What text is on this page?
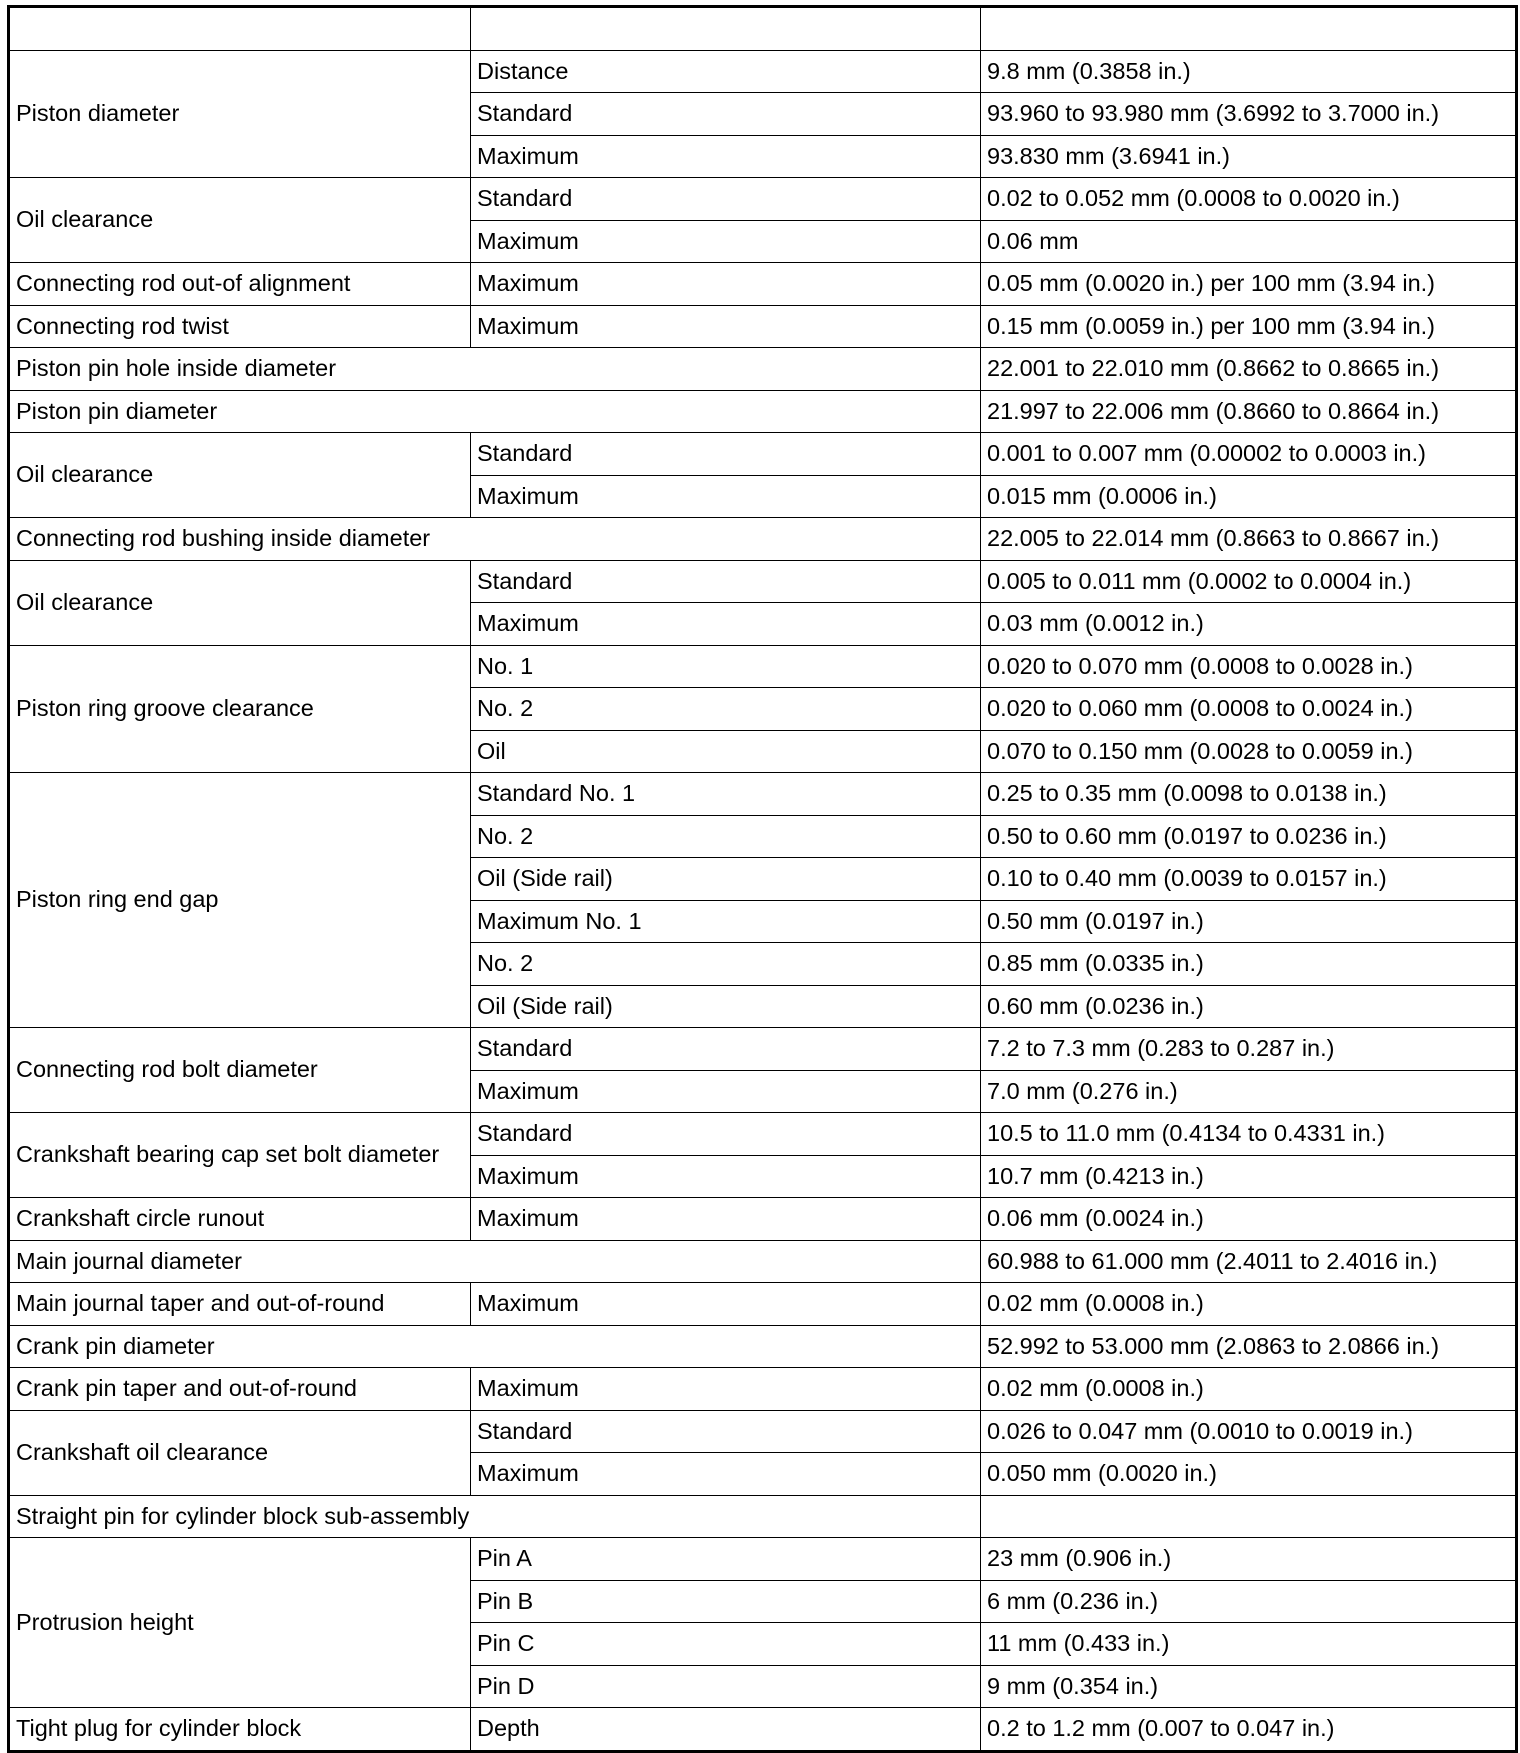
Piston diameter	Distance	9.8 mm (0.3858 in.)
	Standard	93.960 to 93.980 mm (3.6992 to 3.7000 in.)
	Maximum	93.830 mm (3.6941 in.)
Oil clearance	Standard	0.02 to 0.052 mm (0.0008 to 0.0020 in.)
	Maximum	0.06 mm
Connecting rod out-of alignment	Maximum	0.05 mm (0.0020 in.) per 100 mm (3.94 in.)
Connecting rod twist	Maximum	0.15 mm (0.0059 in.) per 100 mm (3.94 in.)
Piston pin hole inside diameter		22.001 to 22.010 mm (0.8662 to 0.8665 in.)
Piston pin diameter		21.997 to 22.006 mm (0.8660 to 0.8664 in.)
Oil clearance	Standard	0.001 to 0.007 mm (0.00002 to 0.0003 in.)
	Maximum	0.015 mm (0.0006 in.)
Connecting rod bushing inside diameter		22.005 to 22.014 mm (0.8663 to 0.8667 in.)
Oil clearance	Standard	0.005 to 0.011 mm (0.0002 to 0.0004 in.)
	Maximum	0.03 mm (0.0012 in.)
Piston ring groove clearance	No. 1	0.020 to 0.070 mm (0.0008 to 0.0028 in.)
	No. 2	0.020 to 0.060 mm (0.0008 to 0.0024 in.)
	Oil	0.070 to 0.150 mm (0.0028 to 0.0059 in.)
Piston ring end gap	Standard No. 1	0.25 to 0.35 mm (0.0098 to 0.0138 in.)
	No. 2	0.50 to 0.60 mm (0.0197 to 0.0236 in.)
	Oil (Side rail)	0.10 to 0.40 mm (0.0039 to 0.0157 in.)
	Maximum No. 1	0.50 mm (0.0197 in.)
	No. 2	0.85 mm (0.0335 in.)
	Oil (Side rail)	0.60 mm (0.0236 in.)
Connecting rod bolt diameter	Standard	7.2 to 7.3 mm (0.283 to 0.287 in.)
	Maximum	7.0 mm (0.276 in.)
Crankshaft bearing cap set bolt diameter	Standard	10.5 to 11.0 mm (0.4134 to 0.4331 in.)
	Maximum	10.7 mm (0.4213 in.)
Crankshaft circle runout	Maximum	0.06 mm (0.0024 in.)
Main journal diameter		60.988 to 61.000 mm (2.4011 to 2.4016 in.)
Main journal taper and out-of-round	Maximum	0.02 mm (0.0008 in.)
Crank pin diameter		52.992 to 53.000 mm (2.0863 to 2.0866 in.)
Crank pin taper and out-of-round	Maximum	0.02 mm (0.0008 in.)
Crankshaft oil clearance	Standard	0.026 to 0.047 mm (0.0010 to 0.0019 in.)
	Maximum	0.050 mm (0.0020 in.)
Straight pin for cylinder block sub-assembly		
Protrusion height	Pin A	23 mm (0.906 in.)
	Pin B	6 mm (0.236 in.)
	Pin C	11 mm (0.433 in.)
	Pin D	9 mm (0.354 in.)
Tight plug for cylinder block	Depth	0.2 to 1.2 mm (0.007 to 0.047 in.)
